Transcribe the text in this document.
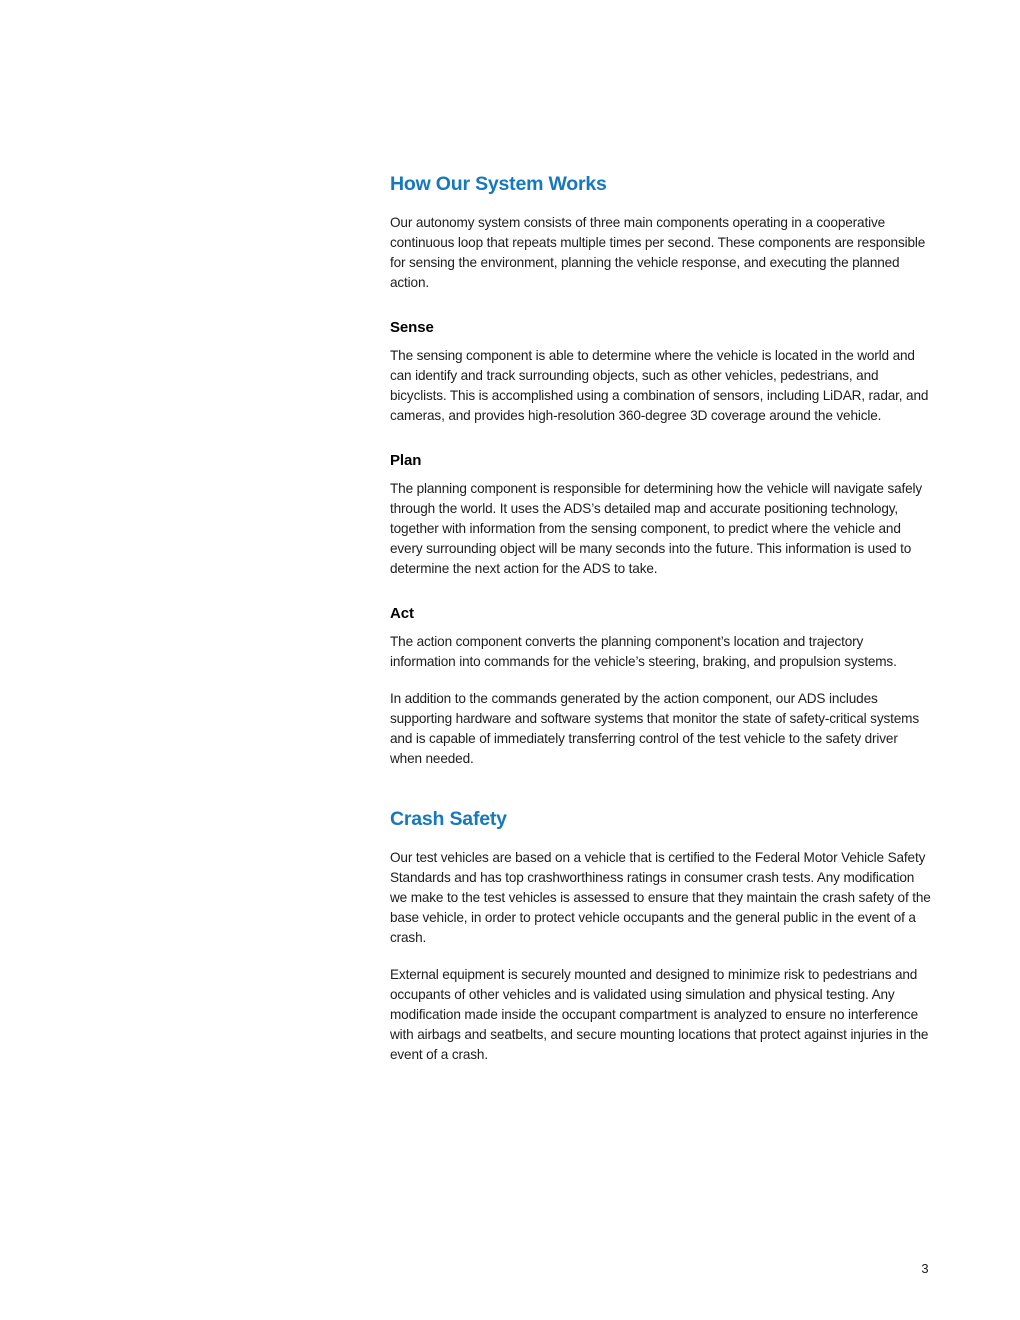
How Our System Works

Our autonomy system consists of three main components operating in a cooperative continuous loop that repeats multiple times per second. These components are responsible for sensing the environment, planning the vehicle response, and executing the planned action.

Sense

The sensing component is able to determine where the vehicle is located in the world and can identify and track surrounding objects, such as other vehicles, pedestrians, and bicyclists. This is accomplished using a combination of sensors, including LiDAR, radar, and cameras, and provides high-resolution 360-degree 3D coverage around the vehicle.

Plan

The planning component is responsible for determining how the vehicle will navigate safely through the world. It uses the ADS’s detailed map and accurate positioning technology, together with information from the sensing component, to predict where the vehicle and every surrounding object will be many seconds into the future. This information is used to determine the next action for the ADS to take.

Act

The action component converts the planning component’s location and trajectory information into commands for the vehicle’s steering, braking, and propulsion systems.

In addition to the commands generated by the action component, our ADS includes supporting hardware and software systems that monitor the state of safety-critical systems and is capable of immediately transferring control of the test vehicle to the safety driver when needed.

Crash Safety

Our test vehicles are based on a vehicle that is certified to the Federal Motor Vehicle Safety Standards and has top crashworthiness ratings in consumer crash tests. Any modification we make to the test vehicles is assessed to ensure that they maintain the crash safety of the base vehicle, in order to protect vehicle occupants and the general public in the event of a crash.

External equipment is securely mounted and designed to minimize risk to pedestrians and occupants of other vehicles and is validated using simulation and physical testing. Any modification made inside the occupant compartment is analyzed to ensure no interference with airbags and seatbelts, and secure mounting locations that protect against injuries in the event of a crash.

3
